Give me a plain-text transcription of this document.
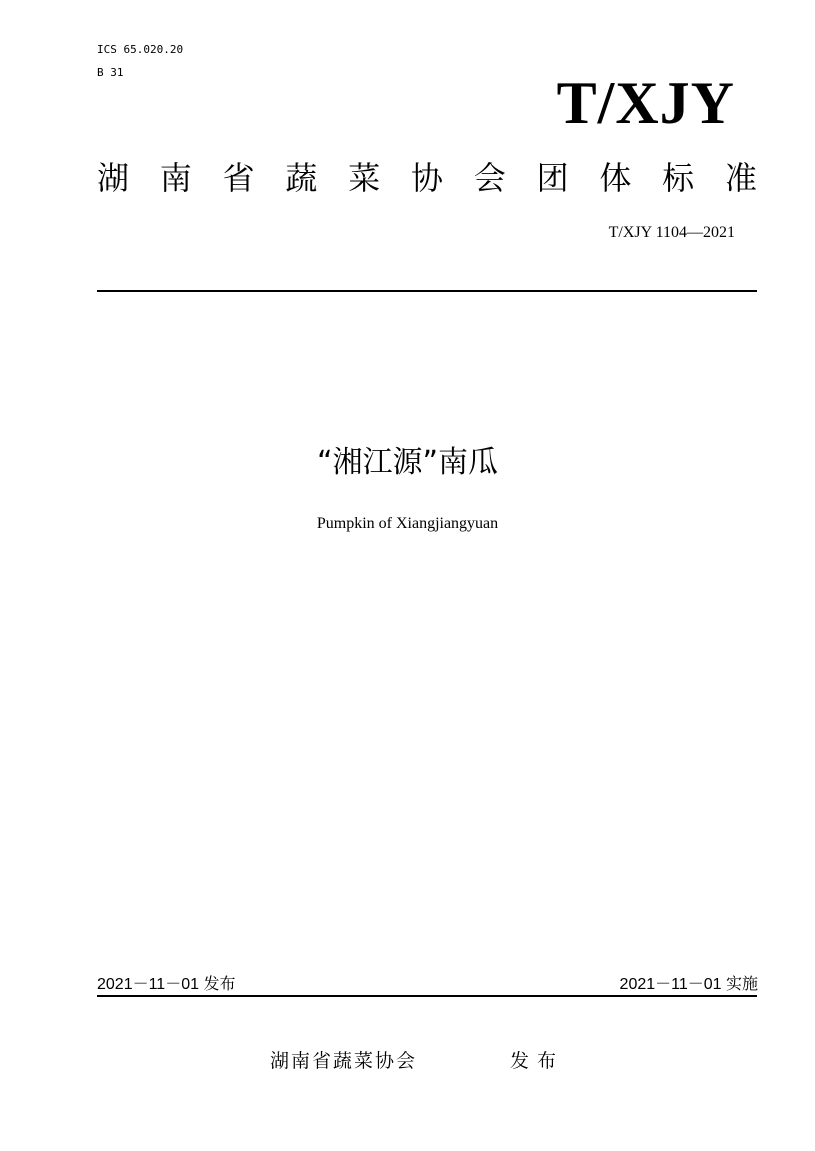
ICS 65.020.20
B 31	T/XJY
湖 南 省 蔬 菜 协 会 团 体 标 准
T/XJY 1104—2021
“湘江源”南瓜
Pumpkin of Xiangjiangyuan
2021－11－01 发布	2021－11－01 实施
湖南省蔬菜协会	发布
